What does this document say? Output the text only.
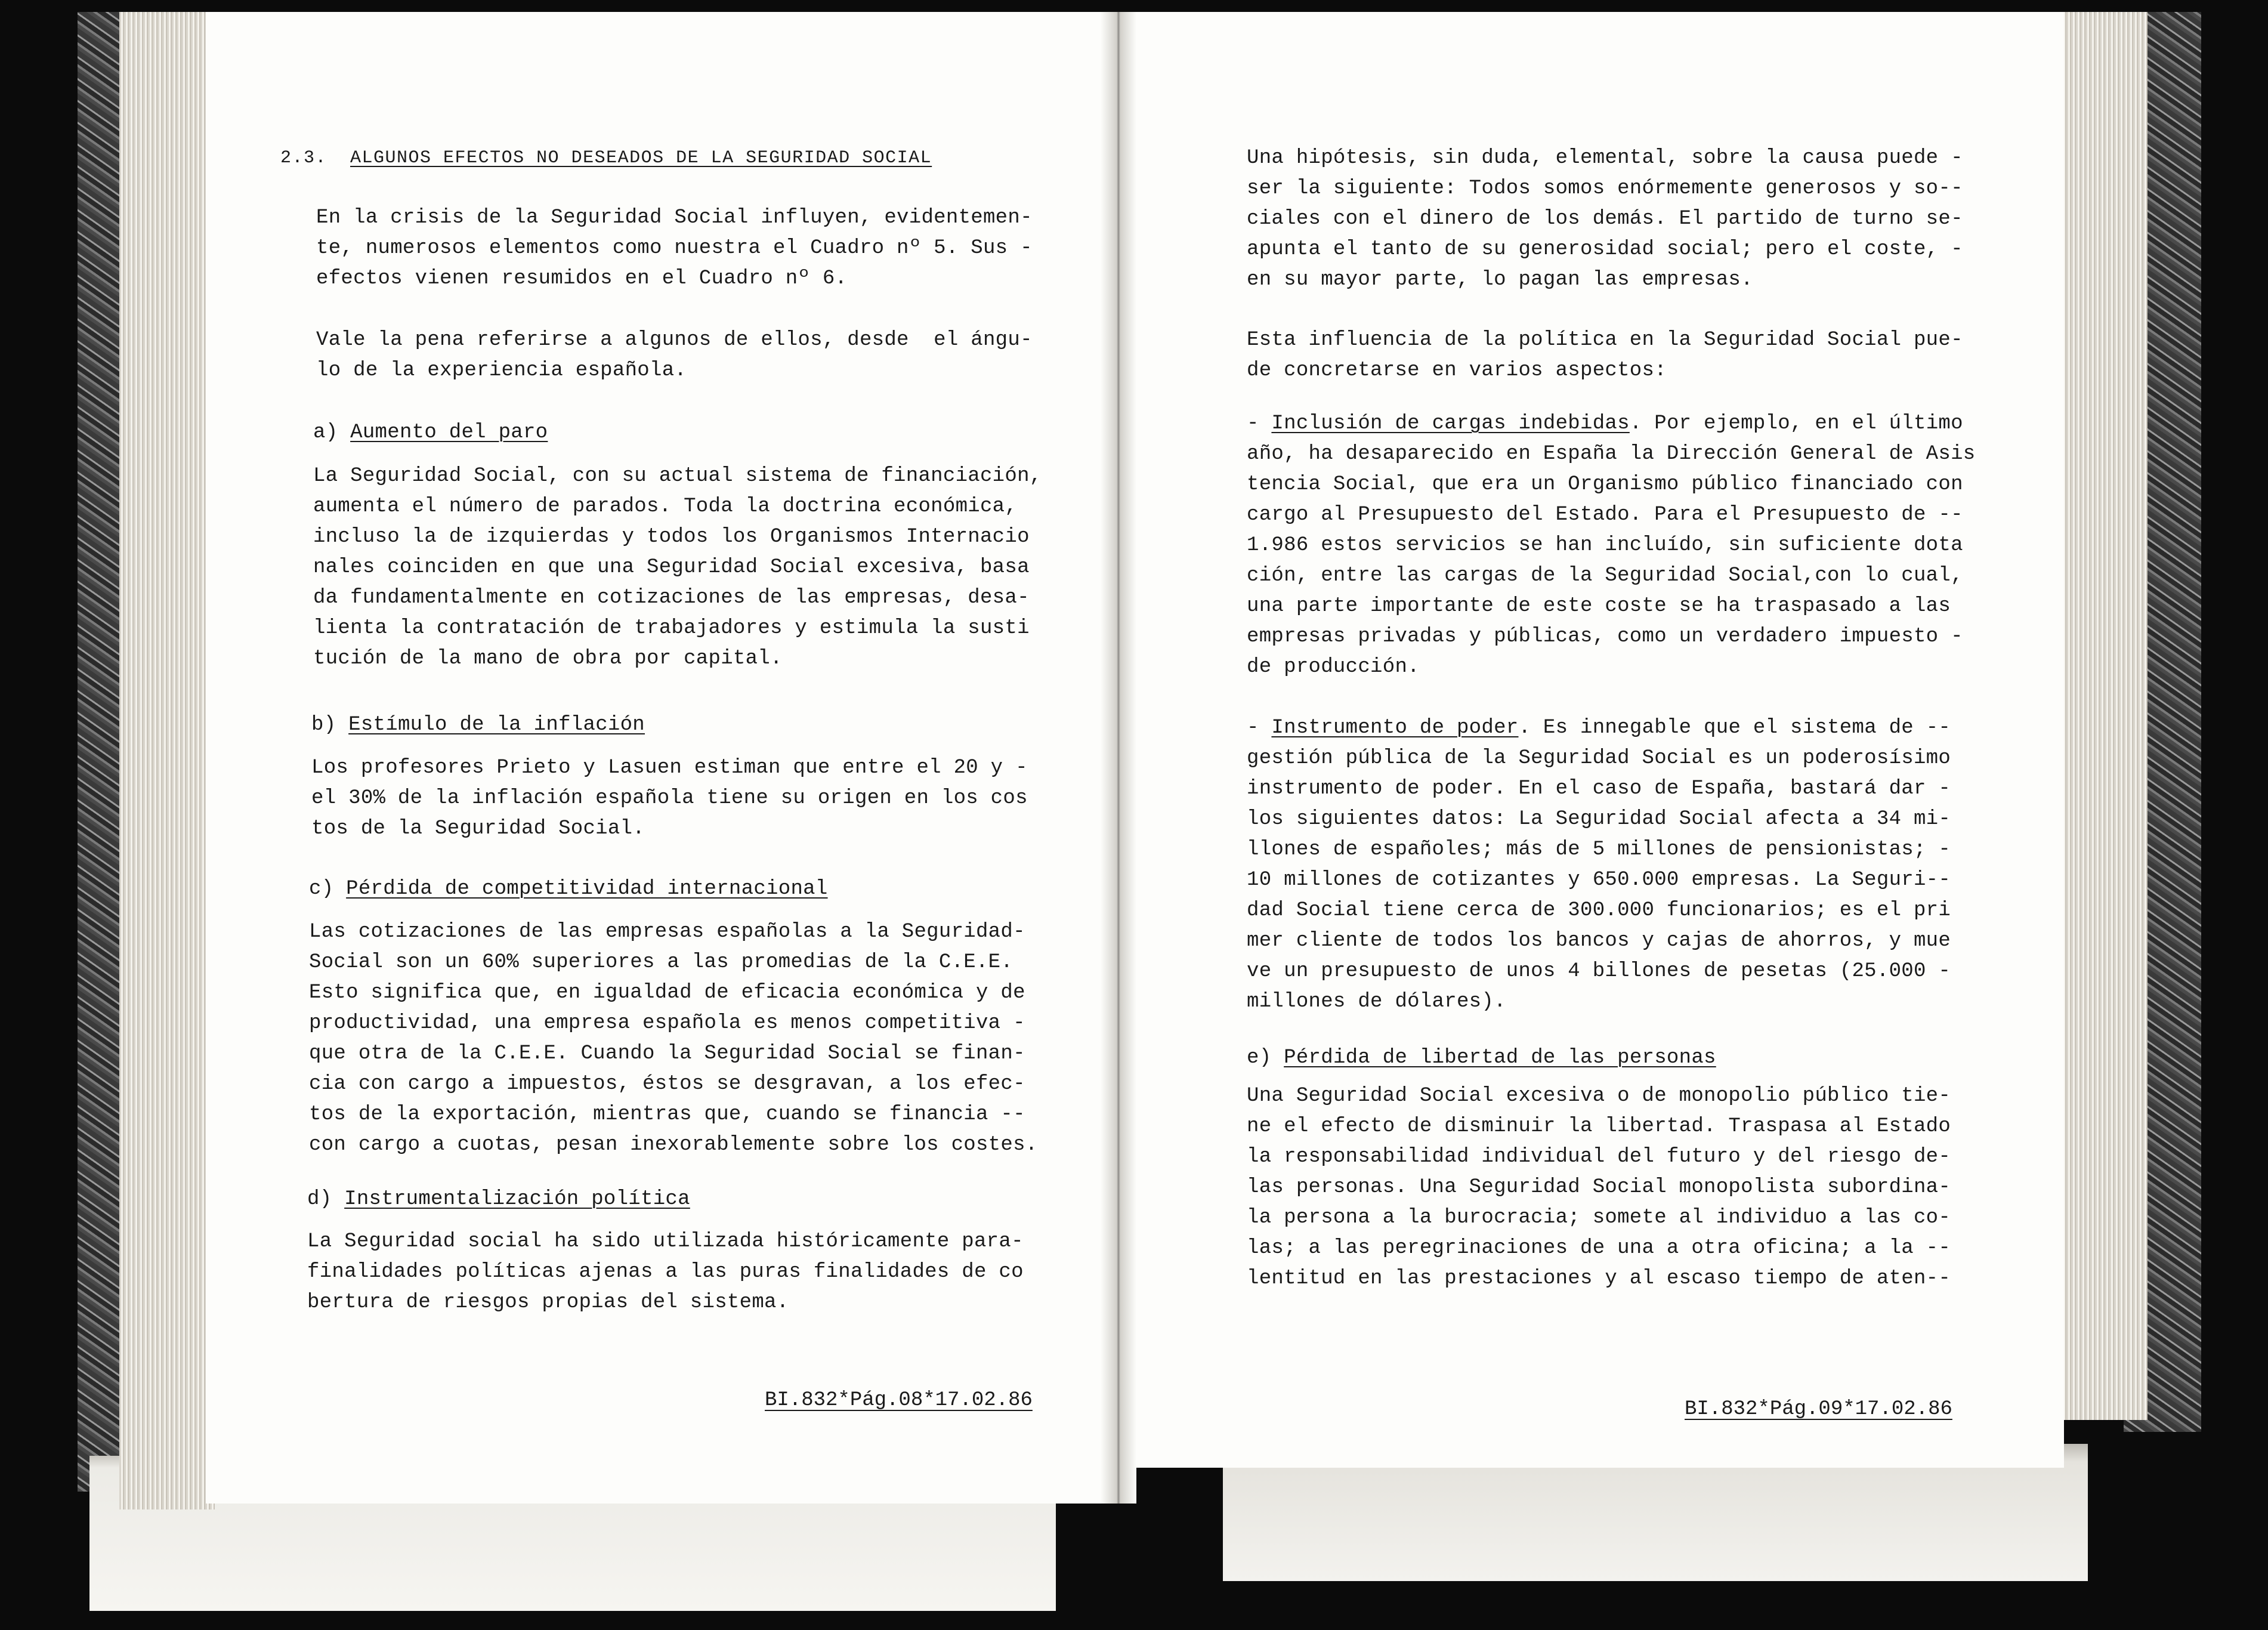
2.3. ALGUNOS EFECTOS NO DESEADOS DE LA SEGURIDAD SOCIAL

En la crisis de la Seguridad Social influyen, evidentemen-

te, numerosos elementos como nuestra el Cuadro nº 5. Sus -

efectos vienen resumidos en el Cuadro nº 6.

Vale la pena referirse a algunos de ellos, desde  el ángu-

lo de la experiencia española.

a) Aumento del paro

La Seguridad Social, con su actual sistema de financiación,

aumenta el número de parados. Toda la doctrina económica,

incluso la de izquierdas y todos los Organismos Internacio

nales coinciden en que una Seguridad Social excesiva, basa

da fundamentalmente en cotizaciones de las empresas, desa-

lienta la contratación de trabajadores y estimula la susti

tución de la mano de obra por capital.

b) Estímulo de la inflación

Los profesores Prieto y Lasuen estiman que entre el 20 y -

el 30% de la inflación española tiene su origen en los cos

tos de la Seguridad Social.

c) Pérdida de competitividad internacional

Las cotizaciones de las empresas españolas a la Seguridad-

Social son un 60% superiores a las promedias de la C.E.E.

Esto significa que, en igualdad de eficacia económica y de

productividad, una empresa española es menos competitiva -

que otra de la C.E.E. Cuando la Seguridad Social se finan-

cia con cargo a impuestos, éstos se desgravan, a los efec-

tos de la exportación, mientras que, cuando se financia --

con cargo a cuotas, pesan inexorablemente sobre los costes.

d) Instrumentalización política

La Seguridad social ha sido utilizada históricamente para-

finalidades políticas ajenas a las puras finalidades de co

bertura de riesgos propias del sistema.

BI.832*Pág.08*17.02.86

Una hipótesis, sin duda, elemental, sobre la causa puede -

ser la siguiente: Todos somos enórmemente generosos y so--

ciales con el dinero de los demás. El partido de turno se-

apunta el tanto de su generosidad social; pero el coste, -

en su mayor parte, lo pagan las empresas.

Esta influencia de la política en la Seguridad Social pue-

de concretarse en varios aspectos:

- Inclusión de cargas indebidas. Por ejemplo, en el último

año, ha desaparecido en España la Dirección General de Asis

tencia Social, que era un Organismo público financiado con

cargo al Presupuesto del Estado. Para el Presupuesto de --

1.986 estos servicios se han incluído, sin suficiente dota

ción, entre las cargas de la Seguridad Social,con lo cual,

una parte importante de este coste se ha traspasado a las

empresas privadas y públicas, como un verdadero impuesto -

de producción.

- Instrumento de poder. Es innegable que el sistema de --

gestión pública de la Seguridad Social es un poderosísimo

instrumento de poder. En el caso de España, bastará dar -

los siguientes datos: La Seguridad Social afecta a 34 mi-

llones de españoles; más de 5 millones de pensionistas; -

10 millones de cotizantes y 650.000 empresas. La Seguri--

dad Social tiene cerca de 300.000 funcionarios; es el pri

mer cliente de todos los bancos y cajas de ahorros, y mue

ve un presupuesto de unos 4 billones de pesetas (25.000 -

millones de dólares).

e) Pérdida de libertad de las personas

Una Seguridad Social excesiva o de monopolio público tie-

ne el efecto de disminuir la libertad. Traspasa al Estado

la responsabilidad individual del futuro y del riesgo de-

las personas. Una Seguridad Social monopolista subordina-

la persona a la burocracia; somete al individuo a las co-

las; a las peregrinaciones de una a otra oficina; a la --

lentitud en las prestaciones y al escaso tiempo de aten--

BI.832*Pág.09*17.02.86
